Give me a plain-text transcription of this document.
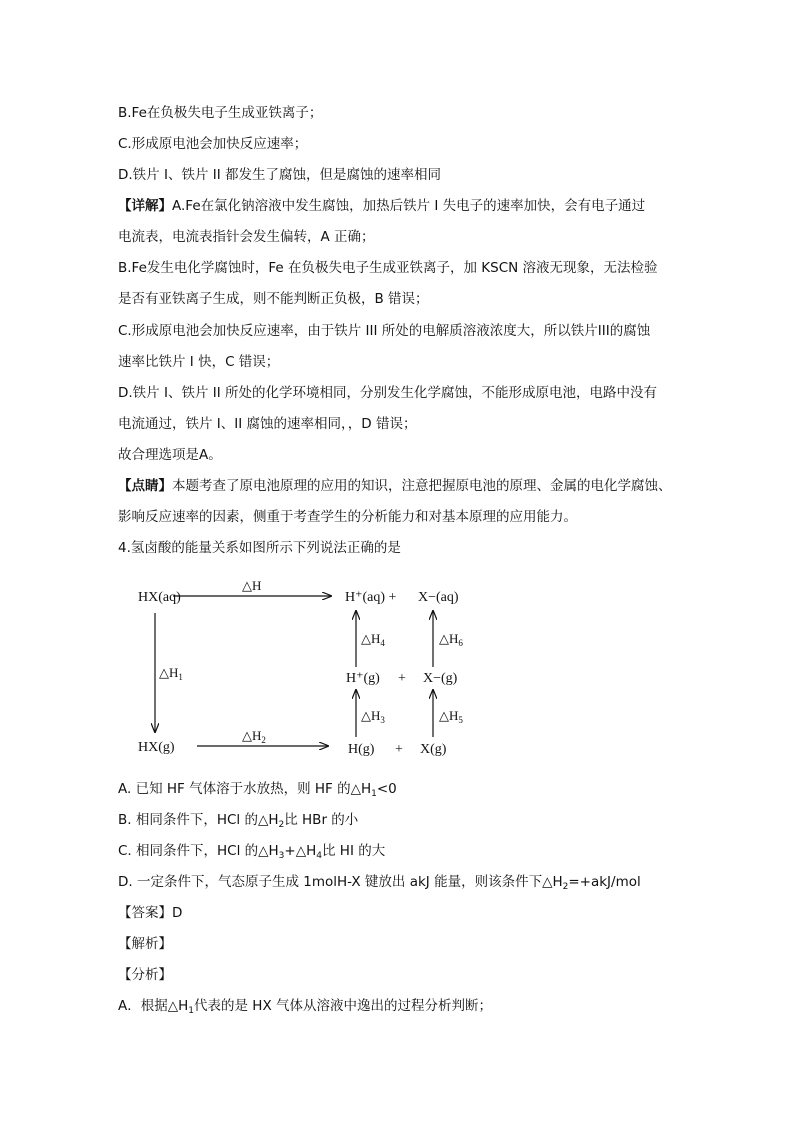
B.Fe在负极失电子生成亚铁离子；
C.形成原电池会加快反应速率；
D.铁片 I、铁片 II 都发生了腐蚀，但是腐蚀的速率相同
【详解】A.Fe在氯化钠溶液中发生腐蚀，加热后铁片 I 失电子的速率加快，会有电子通过
电流表，电流表指针会发生偏转，A 正确；
B.Fe发生电化学腐蚀时，Fe 在负极失电子生成亚铁离子，加 KSCN 溶液无现象，无法检验
是否有亚铁离子生成，则不能判断正负极，B 错误；
C.形成原电池会加快反应速率，由于铁片 III 所处的电解质溶液浓度大，所以铁片III的腐蚀
速率比铁片 I 快，C 错误；
D.铁片 I、铁片 II 所处的化学环境相同，分别发生化学腐蚀，不能形成原电池，电路中没有
电流通过，铁片 I、II 腐蚀的速率相同，，D 错误；
故合理选项是A。
【点睛】本题考查了原电池原理的应用的知识，注意把握原电池的原理、金属的电化学腐蚀、
影响反应速率的因素，侧重于考查学生的分析能力和对基本原理的应用能力。
4.氢卤酸的能量关系如图所示下列说法正确的是
HX(aq)
HX(g)
H⁺(aq) + X−(aq)
H⁺(g) + X−(g)
H(g) + X(g)
△H
$\triangle H_1$
$\triangle H_2$
$\triangle H_3$
$\triangle H_4$
$\triangle H_5$
$\triangle H_6$
A. 已知 HF 气体溶于水放热，则 HF 的$\triangle H_1<0$
B. 相同条件下，HCl 的$\triangle H_2$比 HBr 的小
C. 相同条件下，HCl 的$\triangle H_3+\triangle H_4$比 HI 的大
D. 一定条件下，气态原子生成 1molH-X 键放出 akJ 能量，则该条件下$\triangle H_2=+akJ$/mol
【答案】D
【解析】
【分析】
A．根据$\triangle H_1$代表的是 HX 气体从溶液中逸出的过程分析判断；
